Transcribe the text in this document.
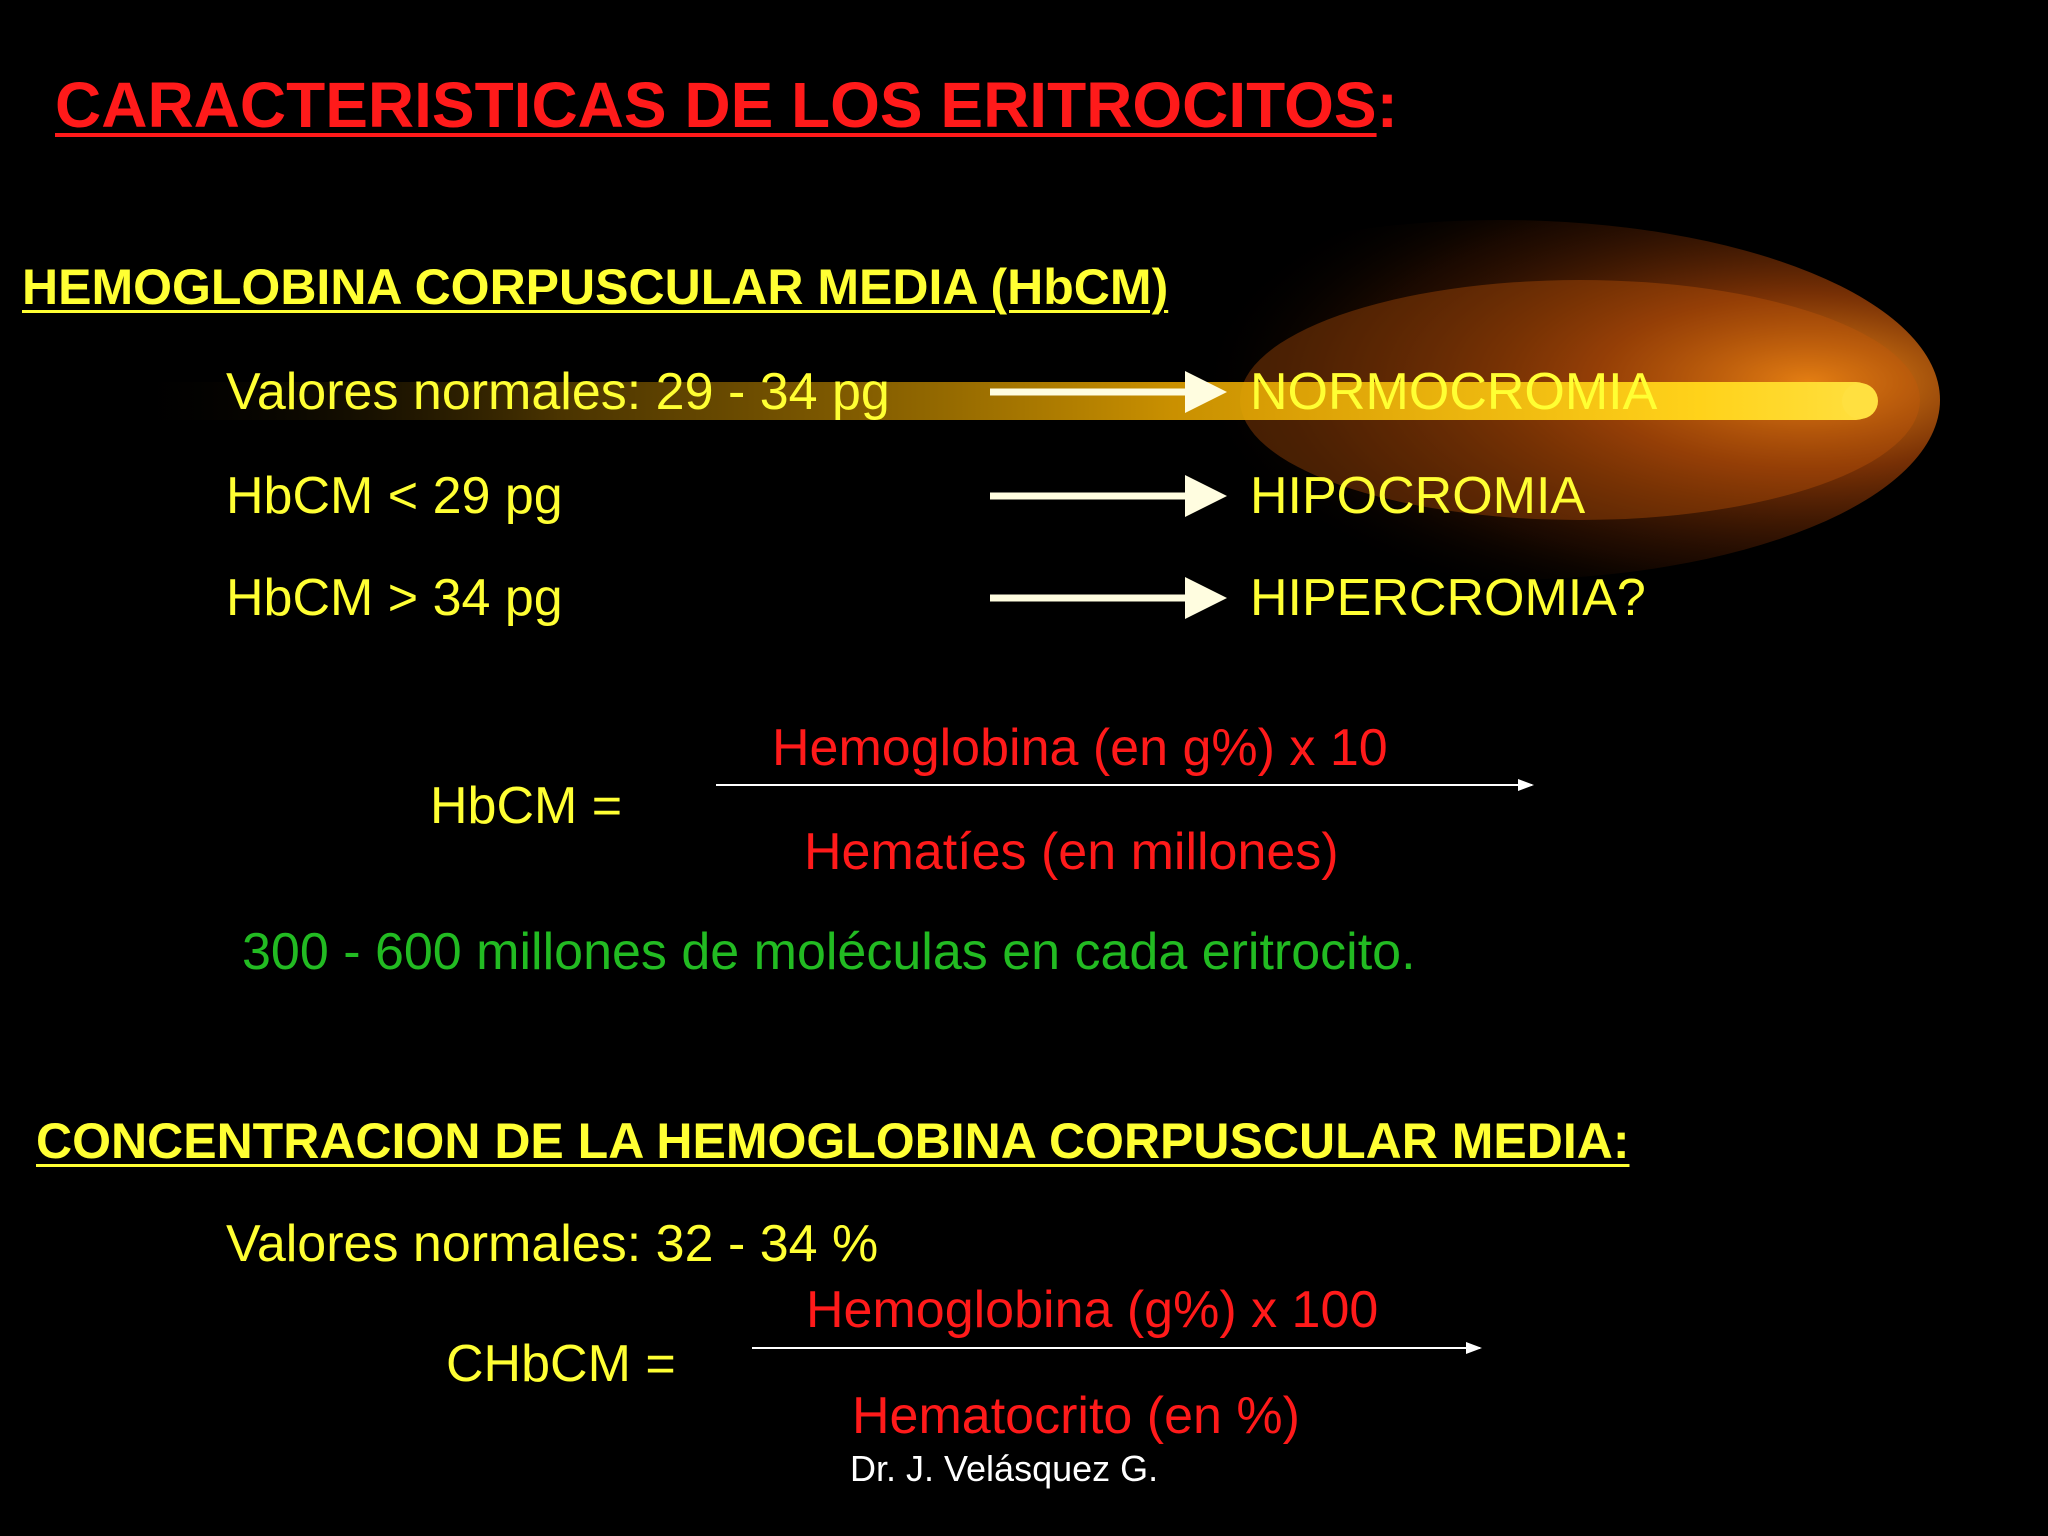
CARACTERISTICAS DE LOS ERITROCITOS:
HEMOGLOBINA CORPUSCULAR MEDIA (HbCM)
Valores normales: 29 - 34 pg	NORMOCROMIA
HbCM < 29 pg	HIPOCROMIA
HbCM > 34 pg	HIPERCROMIA?
HbCM =
Hemoglobina (en g%) x 10
Hematíes (en millones)
300 - 600 millones de moléculas en cada eritrocito.
CONCENTRACION DE LA HEMOGLOBINA CORPUSCULAR MEDIA:
Valores normales: 32 - 34 %
CHbCM =
Hemoglobina (g%) x 100
Hematocrito (en %)
Dr. J. Velásquez G.
